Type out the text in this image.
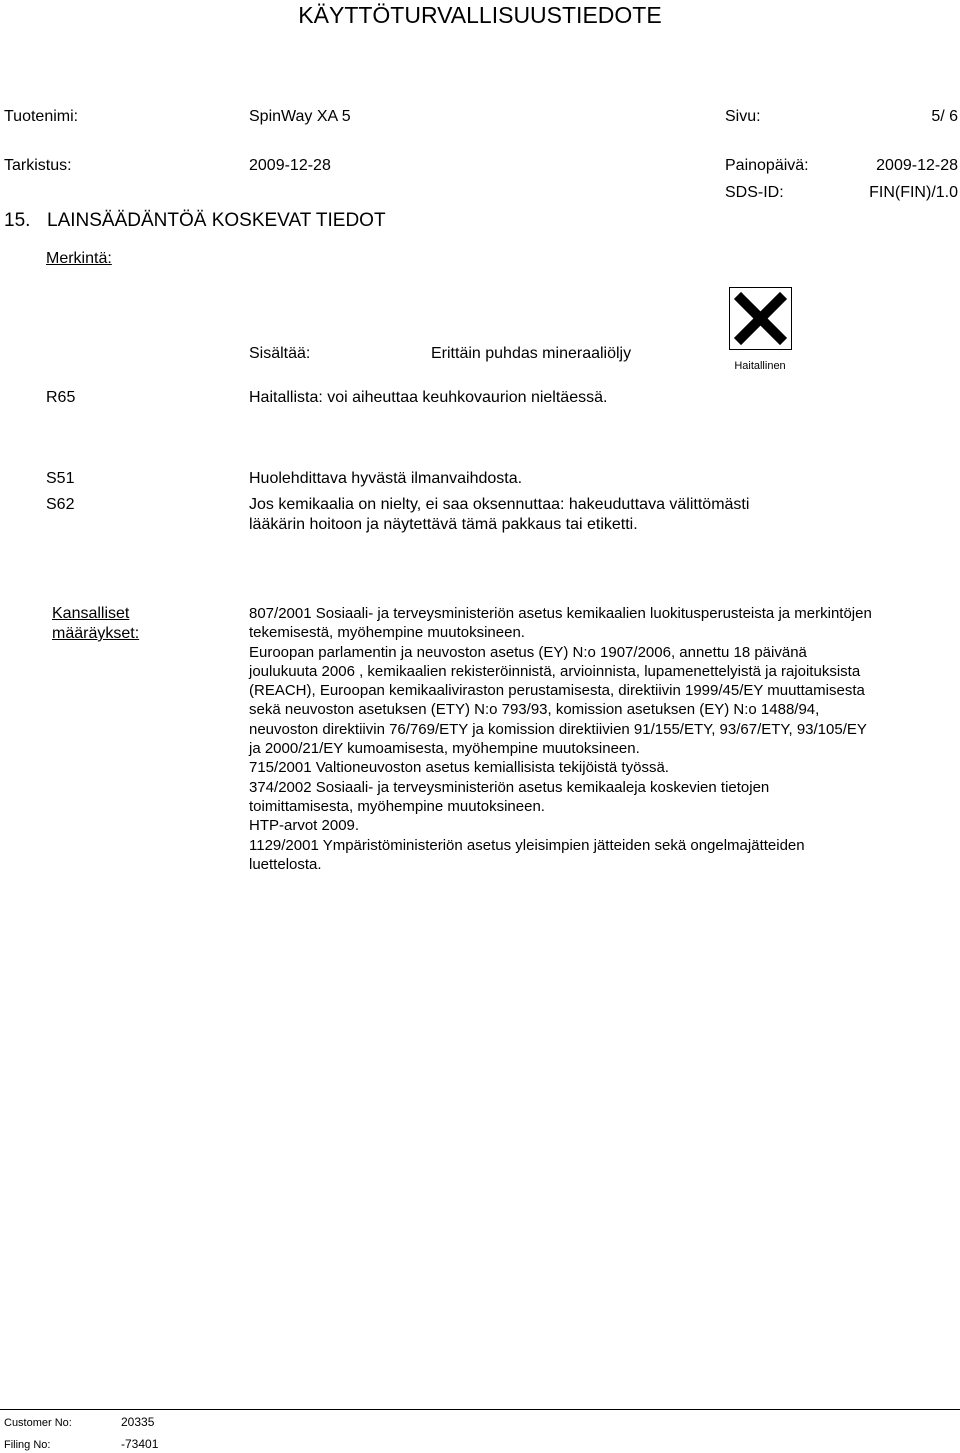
KÄYTTÖTURVALLISUUSTIEDOTE
Tuotenimi:	SpinWay XA 5	Sivu:	5/ 6
Tarkistus:	2009-12-28	Painopäivä:	2009-12-28
SDS-ID:	FIN(FIN)/1.0
15. LAINSÄÄDÄNTÖÄ KOSKEVAT TIEDOT
Merkintä:
Sisältää:	Erittäin puhdas mineraaliöljy
Haitallinen
R65	Haitallista: voi aiheuttaa keuhkovaurion nieltäessä.
S51	Huolehdittava hyvästä ilmanvaihdosta.
S62	Jos kemikaalia on nielty, ei saa oksennuttaa: hakeuduttava välittömästi
lääkärin hoitoon ja näytettävä tämä pakkaus tai etiketti.
Kansalliset
määräykset:
807/2001 Sosiaali- ja terveysministeriön asetus kemikaalien luokitusperusteista ja merkintöjen
tekemisestä, myöhempine muutoksineen.
Euroopan parlamentin ja neuvoston asetus (EY) N:o 1907/2006, annettu 18 päivänä
joulukuuta 2006 , kemikaalien rekisteröinnistä, arvioinnista, lupamenettelyistä ja rajoituksista
(REACH), Euroopan kemikaaliviraston perustamisesta, direktiivin 1999/45/EY muuttamisesta
sekä neuvoston asetuksen (ETY) N:o 793/93, komission asetuksen (EY) N:o 1488/94,
neuvoston direktiivin 76/769/ETY ja komission direktiivien 91/155/ETY, 93/67/ETY, 93/105/EY
ja 2000/21/EY kumoamisesta, myöhempine muutoksineen.
715/2001 Valtioneuvoston asetus kemiallisista tekijöistä työssä.
374/2002 Sosiaali- ja terveysministeriön asetus kemikaaleja koskevien tietojen
toimittamisesta, myöhempine muutoksineen.
HTP-arvot 2009.
1129/2001 Ympäristöministeriön asetus yleisimpien jätteiden sekä ongelmajätteiden
luettelosta.
Customer No:	20335
Filing No:	-73401
